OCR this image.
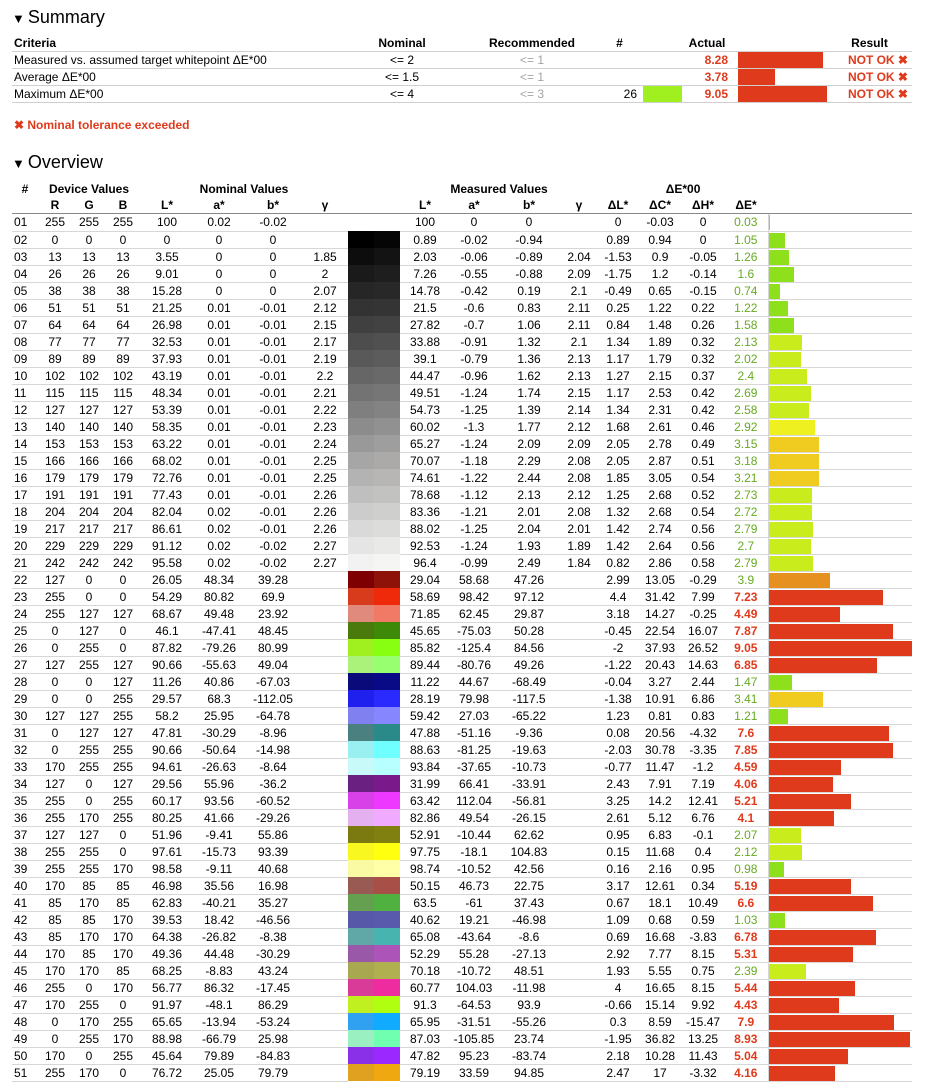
▼ Summary
Criteria	Nominal	Recommended	#		Actual		Result
Measured vs. assumed target whitepoint ΔE*00	<= 2	<= 1			8.28		NOT OK ✖
Average ΔE*00	<= 1.5	<= 1			3.78		NOT OK ✖
Maximum ΔE*00	<= 4	<= 3	26		9.05		NOT OK ✖
✖ Nominal tolerance exceeded
▼ Overview
#	Device Values			Nominal Values					Measured Values				ΔE*00				
	R	G	B	L*	a*	b*	γ		L*	a*	b*	γ	ΔL*	ΔC*	ΔH*	ΔE*	
01	255	255	255	100	0.02	-0.02			100	0	0		0	-0.03	0	0.03	

02	0	0	0	0	0	0			0.89	-0.02	-0.94		0.89	0.94	0	1.05	

03	13	13	13	3.55	0	0	1.85		2.03	-0.06	-0.89	2.04	-1.53	0.9	-0.05	1.26	

04	26	26	26	9.01	0	0	2		7.26	-0.55	-0.88	2.09	-1.75	1.2	-0.14	1.6	

05	38	38	38	15.28	0	0	2.07		14.78	-0.42	0.19	2.1	-0.49	0.65	-0.15	0.74	

06	51	51	51	21.25	0.01	-0.01	2.12		21.5	-0.6	0.83	2.11	0.25	1.22	0.22	1.22	

07	64	64	64	26.98	0.01	-0.01	2.15		27.82	-0.7	1.06	2.11	0.84	1.48	0.26	1.58	

08	77	77	77	32.53	0.01	-0.01	2.17		33.88	-0.91	1.32	2.1	1.34	1.89	0.32	2.13	

09	89	89	89	37.93	0.01	-0.01	2.19		39.1	-0.79	1.36	2.13	1.17	1.79	0.32	2.02	

10	102	102	102	43.19	0.01	-0.01	2.2		44.47	-0.96	1.62	2.13	1.27	2.15	0.37	2.4	

11	115	115	115	48.34	0.01	-0.01	2.21		49.51	-1.24	1.74	2.15	1.17	2.53	0.42	2.69	

12	127	127	127	53.39	0.01	-0.01	2.22		54.73	-1.25	1.39	2.14	1.34	2.31	0.42	2.58	

13	140	140	140	58.35	0.01	-0.01	2.23		60.02	-1.3	1.77	2.12	1.68	2.61	0.46	2.92	

14	153	153	153	63.22	0.01	-0.01	2.24		65.27	-1.24	2.09	2.09	2.05	2.78	0.49	3.15	

15	166	166	166	68.02	0.01	-0.01	2.25		70.07	-1.18	2.29	2.08	2.05	2.87	0.51	3.18	

16	179	179	179	72.76	0.01	-0.01	2.25		74.61	-1.22	2.44	2.08	1.85	3.05	0.54	3.21	

17	191	191	191	77.43	0.01	-0.01	2.26		78.68	-1.12	2.13	2.12	1.25	2.68	0.52	2.73	

18	204	204	204	82.04	0.02	-0.01	2.26		83.36	-1.21	2.01	2.08	1.32	2.68	0.54	2.72	

19	217	217	217	86.61	0.02	-0.01	2.26		88.02	-1.25	2.04	2.01	1.42	2.74	0.56	2.79	

20	229	229	229	91.12	0.02	-0.02	2.27		92.53	-1.24	1.93	1.89	1.42	2.64	0.56	2.7	

21	242	242	242	95.58	0.02	-0.02	2.27		96.4	-0.99	2.49	1.84	0.82	2.86	0.58	2.79	

22	127	0	0	26.05	48.34	39.28			29.04	58.68	47.26		2.99	13.05	-0.29	3.9	

23	255	0	0	54.29	80.82	69.9			58.69	98.42	97.12		4.4	31.42	7.99	7.23	

24	255	127	127	68.67	49.48	23.92			71.85	62.45	29.87		3.18	14.27	-0.25	4.49	

25	0	127	0	46.1	-47.41	48.45			45.65	-75.03	50.28		-0.45	22.54	16.07	7.87	

26	0	255	0	87.82	-79.26	80.99			85.82	-125.4	84.56		-2	37.93	26.52	9.05	

27	127	255	127	90.66	-55.63	49.04			89.44	-80.76	49.26		-1.22	20.43	14.63	6.85	

28	0	0	127	11.26	40.86	-67.03			11.22	44.67	-68.49		-0.04	3.27	2.44	1.47	

29	0	0	255	29.57	68.3	-112.05			28.19	79.98	-117.5		-1.38	10.91	6.86	3.41	

30	127	127	255	58.2	25.95	-64.78			59.42	27.03	-65.22		1.23	0.81	0.83	1.21	

31	0	127	127	47.81	-30.29	-8.96			47.88	-51.16	-9.36		0.08	20.56	-4.32	7.6	

32	0	255	255	90.66	-50.64	-14.98			88.63	-81.25	-19.63		-2.03	30.78	-3.35	7.85	

33	170	255	255	94.61	-26.63	-8.64			93.84	-37.65	-10.73		-0.77	11.47	-1.2	4.59	

34	127	0	127	29.56	55.96	-36.2			31.99	66.41	-33.91		2.43	7.91	7.19	4.06	

35	255	0	255	60.17	93.56	-60.52			63.42	112.04	-56.81		3.25	14.2	12.41	5.21	

36	255	170	255	80.25	41.66	-29.26			82.86	49.54	-26.15		2.61	5.12	6.76	4.1	

37	127	127	0	51.96	-9.41	55.86			52.91	-10.44	62.62		0.95	6.83	-0.1	2.07	

38	255	255	0	97.61	-15.73	93.39			97.75	-18.1	104.83		0.15	11.68	0.4	2.12	

39	255	255	170	98.58	-9.11	40.68			98.74	-10.52	42.56		0.16	2.16	0.95	0.98	

40	170	85	85	46.98	35.56	16.98			50.15	46.73	22.75		3.17	12.61	0.34	5.19	

41	85	170	85	62.83	-40.21	35.27			63.5	-61	37.43		0.67	18.1	10.49	6.6	

42	85	85	170	39.53	18.42	-46.56			40.62	19.21	-46.98		1.09	0.68	0.59	1.03	

43	85	170	170	64.38	-26.82	-8.38			65.08	-43.64	-8.6		0.69	16.68	-3.83	6.78	

44	170	85	170	49.36	44.48	-30.29			52.29	55.28	-27.13		2.92	7.77	8.15	5.31	

45	170	170	85	68.25	-8.83	43.24			70.18	-10.72	48.51		1.93	5.55	0.75	2.39	

46	255	0	170	56.77	86.32	-17.45			60.77	104.03	-11.98		4	16.65	8.15	5.44	

47	170	255	0	91.97	-48.1	86.29			91.3	-64.53	93.9		-0.66	15.14	9.92	4.43	

48	0	170	255	65.65	-13.94	-53.24			65.95	-31.51	-55.26		0.3	8.59	-15.47	7.9	

49	0	255	170	88.98	-66.79	25.98			87.03	-105.85	23.74		-1.95	36.82	13.25	8.93	

50	170	0	255	45.64	79.89	-84.83			47.82	95.23	-83.74		2.18	10.28	11.43	5.04	

51	255	170	0	76.72	25.05	79.79			79.19	33.59	94.85		2.47	17	-3.32	4.16	
